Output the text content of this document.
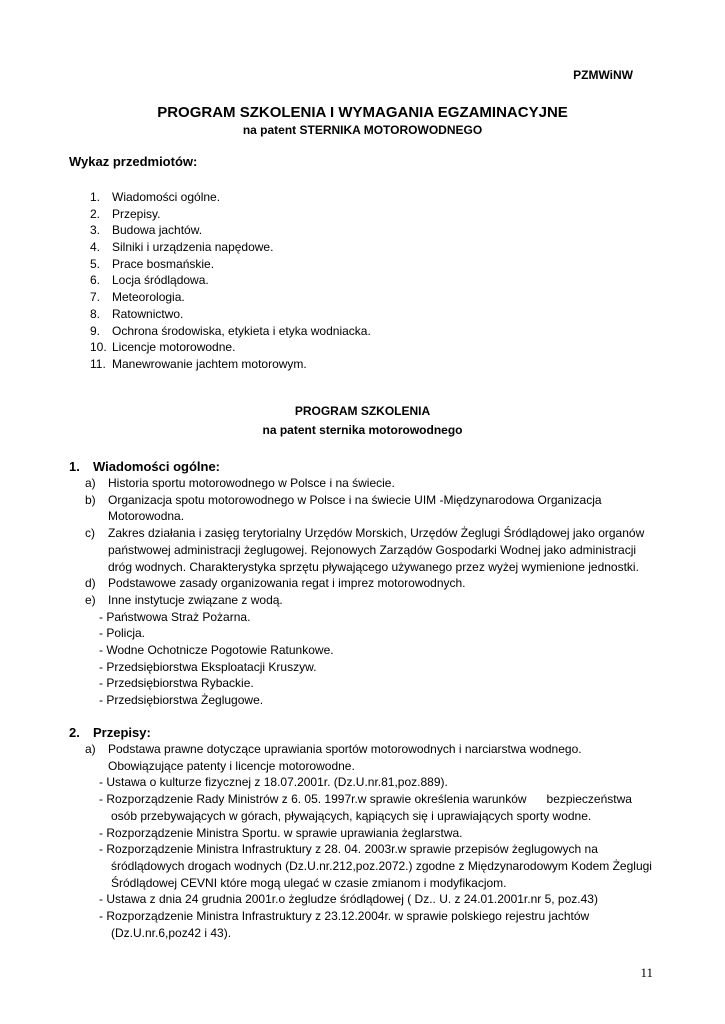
PZMWiNW
PROGRAM SZKOLENIA I WYMAGANIA EGZAMINACYJNE
na patent STERNIKA MOTOROWODNEGO
Wykaz przedmiotów:
1. Wiadomości ogólne.
2. Przepisy.
3. Budowa jachtów.
4. Silniki i urządzenia napędowe.
5. Prace bosmańskie.
6. Locja śródlądowa.
7. Meteorologia.
8. Ratownictwo.
9. Ochrona środowiska, etykieta i etyka wodniacka.
10. Licencje motorowodne.
11. Manewrowanie jachtem motorowym.
PROGRAM SZKOLENIA
na patent sternika motorowodnego
1. Wiadomości ogólne:
a) Historia sportu motorowodnego w Polsce i na świecie.
b) Organizacja spotu motorowodnego w Polsce i na świecie UIM -Międzynarodowa Organizacja
Motorowodna.
c) Zakres działania i zasięg terytorialny Urzędów Morskich, Urzędów Żeglugi Śródlądowej jako organów
państwowej administracji żeglugowej. Rejonowych Zarządów Gospodarki Wodnej jako administracji
dróg wodnych. Charakterystyka sprzętu pływającego używanego przez wyżej wymienione jednostki.
d) Podstawowe zasady organizowania regat i imprez motorowodnych.
e) Inne instytucje związane z wodą.
- Państwowa Straż Pożarna.
- Policja.
- Wodne Ochotnicze Pogotowie Ratunkowe.
- Przedsiębiorstwa Eksploatacji Kruszyw.
- Przedsiębiorstwa Rybackie.
- Przedsiębiorstwa Żeglugowe.
2. Przepisy:
a) Podstawa prawne dotyczące uprawiania sportów motorowodnych i narciarstwa wodnego.
Obowiązujące patenty i licencje motorowodne.
- Ustawa o kulturze fizycznej z 18.07.2001r. (Dz.U.nr.81,poz.889).
- Rozporządzenie Rady Ministrów z 6. 05. 1997r.w sprawie określenia warunków      bezpieczeństwa
osób przebywających w górach, pływających, kąpiących się i uprawiających sporty wodne.
- Rozporządzenie Ministra Sportu. w sprawie uprawiania żeglarstwa.
- Rozporządzenie Ministra Infrastruktury z 28. 04. 2003r.w sprawie przepisów żeglugowych na
śródlądowych drogach wodnych (Dz.U.nr.212,poz.2072.) zgodne z Międzynarodowym Kodem Żeglugi
Śródlądowej CEVNI które mogą ulegać w czasie zmianom i modyfikacjom.
- Ustawa z dnia 24 grudnia 2001r.o żegludze śródlądowej ( Dz.. U. z 24.01.2001r.nr 5, poz.43)
- Rozporządzenie Ministra Infrastruktury z 23.12.2004r. w sprawie polskiego rejestru jachtów
(Dz.U.nr.6,poz42 i 43).
11
